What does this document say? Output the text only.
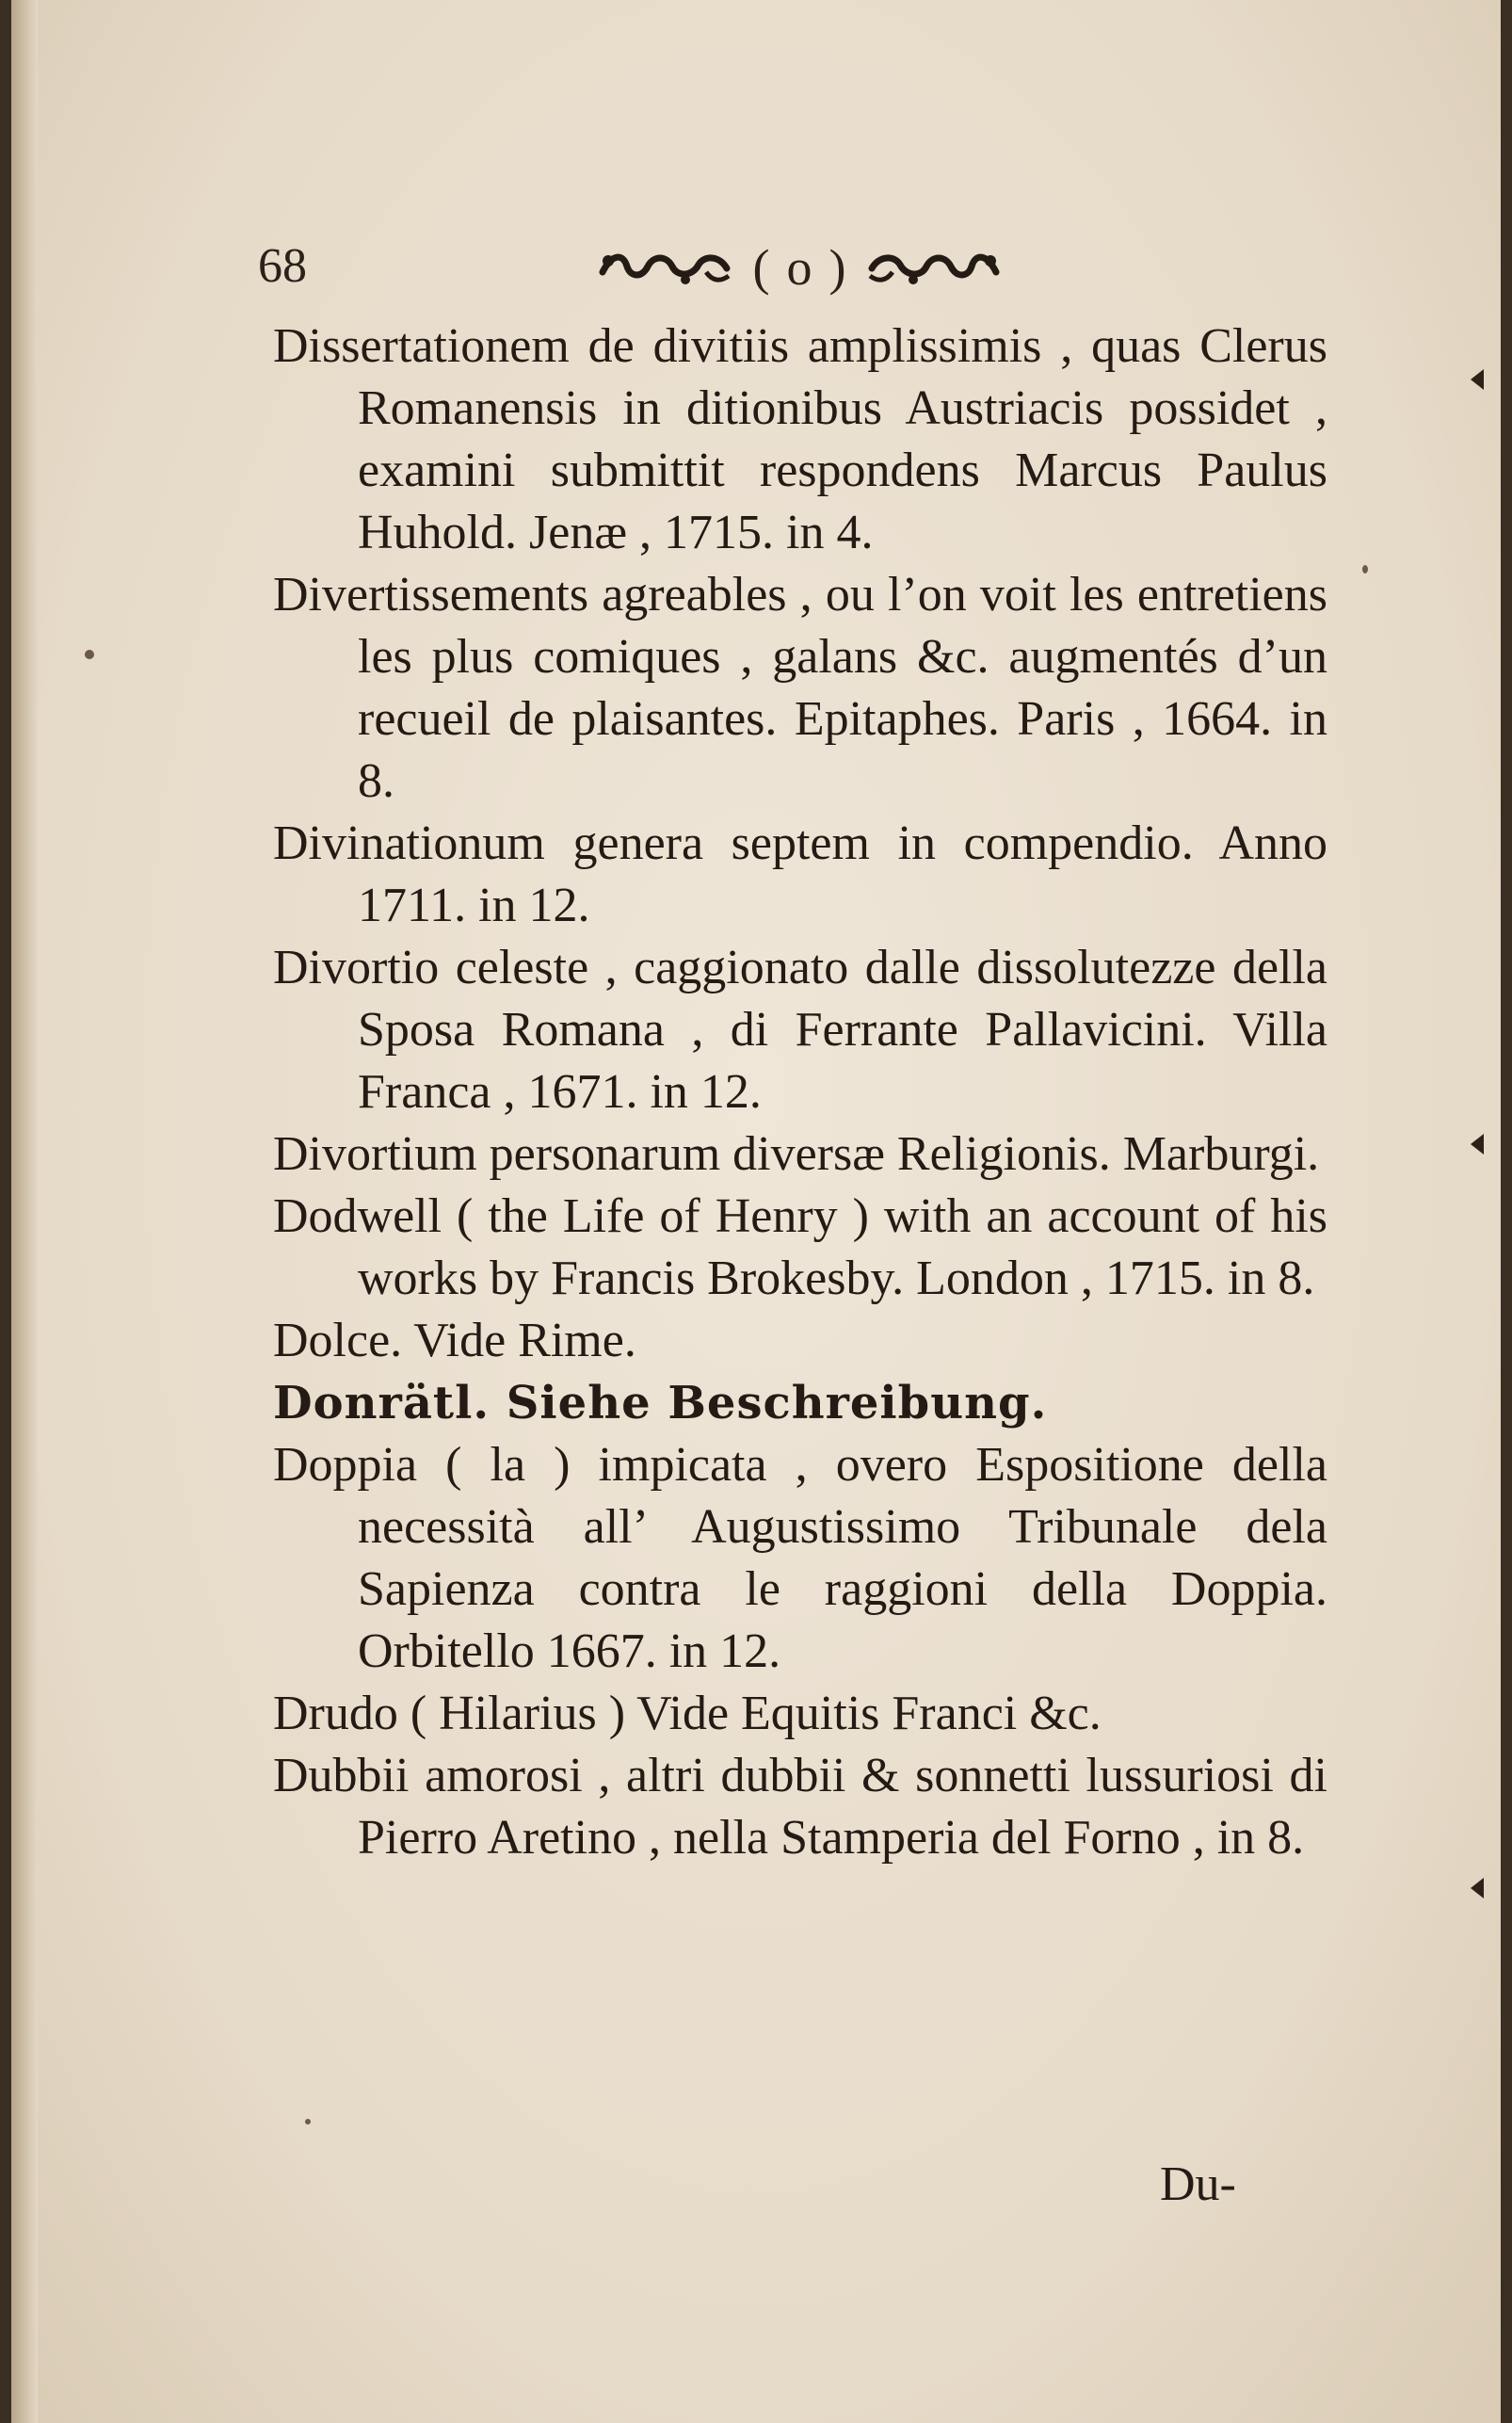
68	( o )

Dissertationem de divitiis amplissimis , quas Clerus Romanensis in ditionibus Austriacis possidet , examini submittit respondens Marcus Paulus Huhold. Jenæ , 1715. in 4.

Divertissements agreables , ou l’on voit les entretiens les plus comiques , galans &c. augmentés d’un recueil de plaisantes. Epitaphes. Paris , 1664. in 8.

Divinationum genera septem in compendio. Anno 1711. in 12.

Divortio celeste , caggionato dalle dissolutezze della Sposa Romana , di Ferrante Pallavicini. Villa Franca , 1671. in 12.

Divortium personarum diversæ Religionis. Marburgi.

Dodwell ( the Life of Henry ) with an account of his works by Francis Brokesby. London , 1715. in 8.

Dolce. Vide Rime.

Donrätl. Siehe Beschreibung.

Doppia ( la ) impicata , overo Espositione della necessità all’ Augustissimo Tribunale dela Sapienza contra le raggioni della Doppia. Orbitello 1667. in 12.

Drudo ( Hilarius ) Vide Equitis Franci &c.

Dubbii amorosi , altri dubbii & sonnetti lussuriosi di Pierro Aretino , nella Stamperia del Forno , in 8.

Du-
